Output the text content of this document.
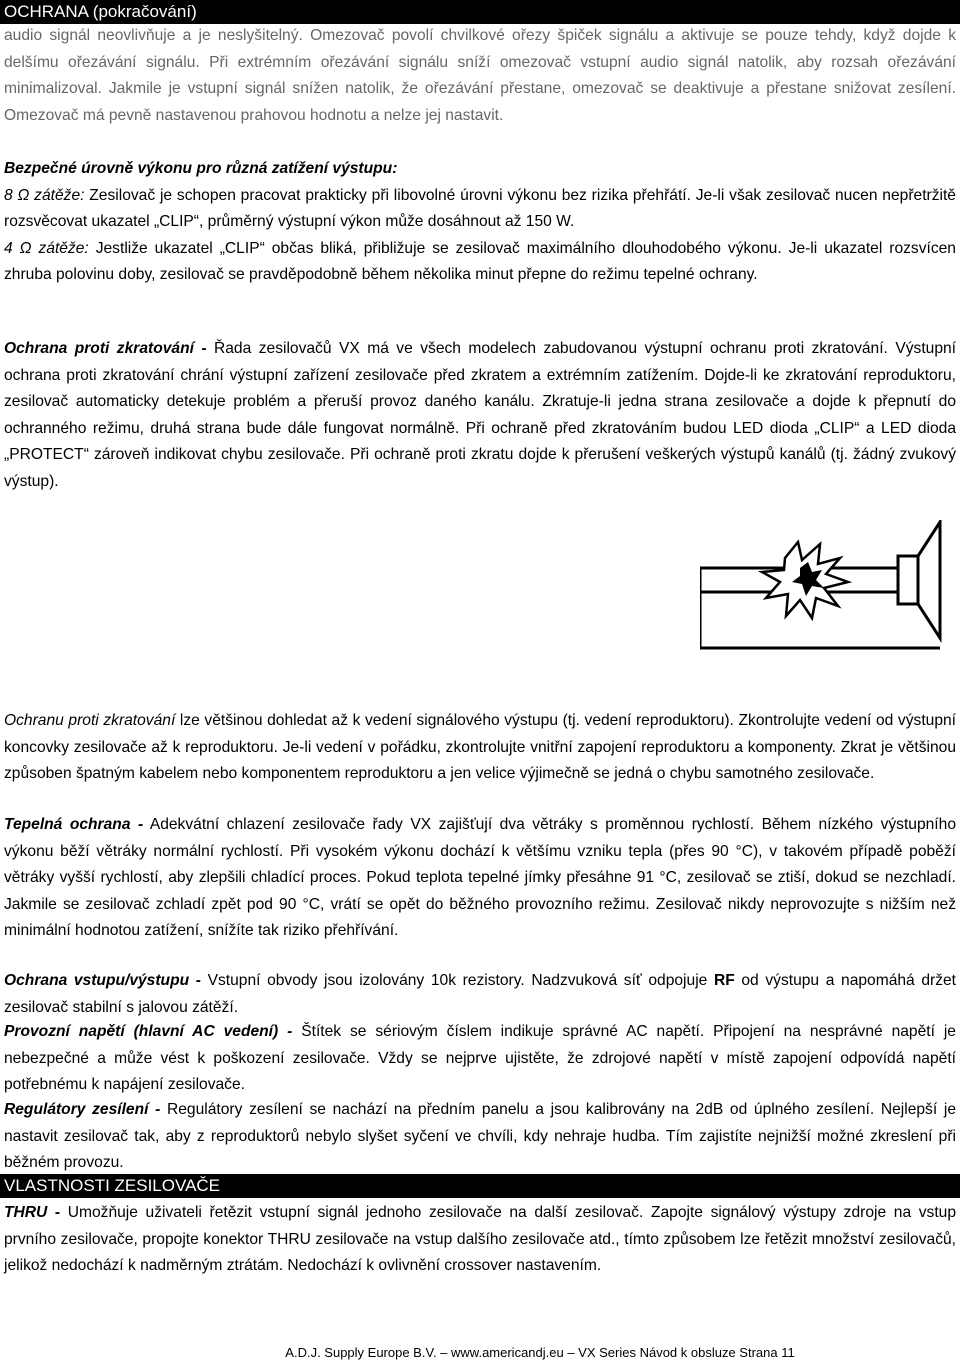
OCHRANA (pokračování)
audio signál neovlivňuje a je neslyšitelný. Omezovač povolí chvilkové ořezy špiček signálu a aktivuje se pouze tehdy, když dojde k delšímu ořezávání signálu. Při extrémním ořezávání signálu sníží omezovač vstupní audio signál natolik, aby rozsah ořezávání minimalizoval. Jakmile je vstupní signál snížen natolik, že ořezávání přestane, omezovač se deaktivuje a přestane snižovat zesílení. Omezovač má pevně nastavenou prahovou hodnotu a nelze jej nastavit.
Bezpečné úrovně výkonu pro různá zatížení výstupu:
8 Ω zátěže: Zesilovač je schopen pracovat prakticky při libovolné úrovni výkonu bez rizika přehřátí. Je-li však zesilovač nucen nepřetržitě rozsvěcovat ukazatel „CLIP“, průměrný výstupní výkon může dosáhnout až 150 W.
4 Ω zátěže: Jestliže ukazatel „CLIP“ občas bliká, přibližuje se zesilovač maximálního dlouhodobého výkonu. Je-li ukazatel rozsvícen zhruba polovinu doby, zesilovač se pravděpodobně během několika minut přepne do režimu tepelné ochrany.
Ochrana proti zkratování - Řada zesilovačů VX má ve všech modelech zabudovanou výstupní ochranu proti zkratování. Výstupní ochrana proti zkratování chrání výstupní zařízení zesilovače před zkratem a extrémním zatížením. Dojde-li ke zkratování reproduktoru, zesilovač automaticky detekuje problém a přeruší provoz daného kanálu. Zkratuje-li jedna strana zesilovače a dojde k přepnutí do ochranného režimu, druhá strana bude dále fungovat normálně. Při ochraně před zkratováním budou LED dioda „CLIP“ a LED dioda „PROTECT“ zároveň indikovat chybu zesilovače. Při ochraně proti zkratu dojde k přerušení veškerých výstupů kanálů (tj. žádný zvukový výstup).
Ochranu proti zkratování lze většinou dohledat až k vedení signálového výstupu (tj. vedení reproduktoru). Zkontrolujte vedení od výstupní koncovky zesilovače až k reproduktoru. Je-li vedení v pořádku, zkontrolujte vnitřní zapojení reproduktoru a komponenty. Zkrat je většinou způsoben špatným kabelem nebo komponentem reproduktoru a jen velice výjimečně se jedná o chybu samotného zesilovače.
Tepelná ochrana - Adekvátní chlazení zesilovače řady VX zajišťují dva větráky s proměnnou rychlostí. Během nízkého výstupního výkonu běží větráky normální rychlostí. Při vysokém výkonu dochází k většímu vzniku tepla (přes 90 °C), v takovém případě poběží větráky vyšší rychlostí, aby zlepšili chladící proces. Pokud teplota tepelné jímky přesáhne 91 °C, zesilovač se ztiší, dokud se nezchladí. Jakmile se zesilovač zchladí zpět pod 90 °C, vrátí se opět do běžného provozního režimu. Zesilovač nikdy neprovozujte s nižším než minimální hodnotou zatížení, snížíte tak riziko přehřívání.
Ochrana vstupu/výstupu - Vstupní obvody jsou izolovány 10k rezistory. Nadzvuková síť odpojuje RF od výstupu a napomáhá držet zesilovač stabilní s jalovou zátěží.
Provozní napětí (hlavní AC vedení) - Štítek se sériovým číslem indikuje správné AC napětí. Připojení na nesprávné napětí je nebezpečné a může vést k poškození zesilovače. Vždy se nejprve ujistěte, že zdrojové napětí v místě zapojení odpovídá napětí potřebnému k napájení zesilovače.
Regulátory zesílení - Regulátory zesílení se nachází na předním panelu a jsou kalibrovány na 2dB od úplného zesílení. Nejlepší je nastavit zesilovač tak, aby z reproduktorů nebylo slyšet syčení ve chvíli, kdy nehraje hudba. Tím zajistíte nejnižší možné zkreslení při běžném provozu.
VLASTNOSTI ZESILOVAČE
THRU - Umožňuje uživateli řetězit vstupní signál jednoho zesilovače na další zesilovač. Zapojte signálový výstupy zdroje na vstup prvního zesilovače, propojte konektor THRU zesilovače na vstup dalšího zesilovače atd., tímto způsobem lze řetězit množství zesilovačů, jelikož nedochází k nadměrným ztrátám. Nedochází k ovlivnění crossover nastavením.
A.D.J. Supply Europe B.V. – www.americandj.eu – VX Series Návod k obsluze Strana 11
